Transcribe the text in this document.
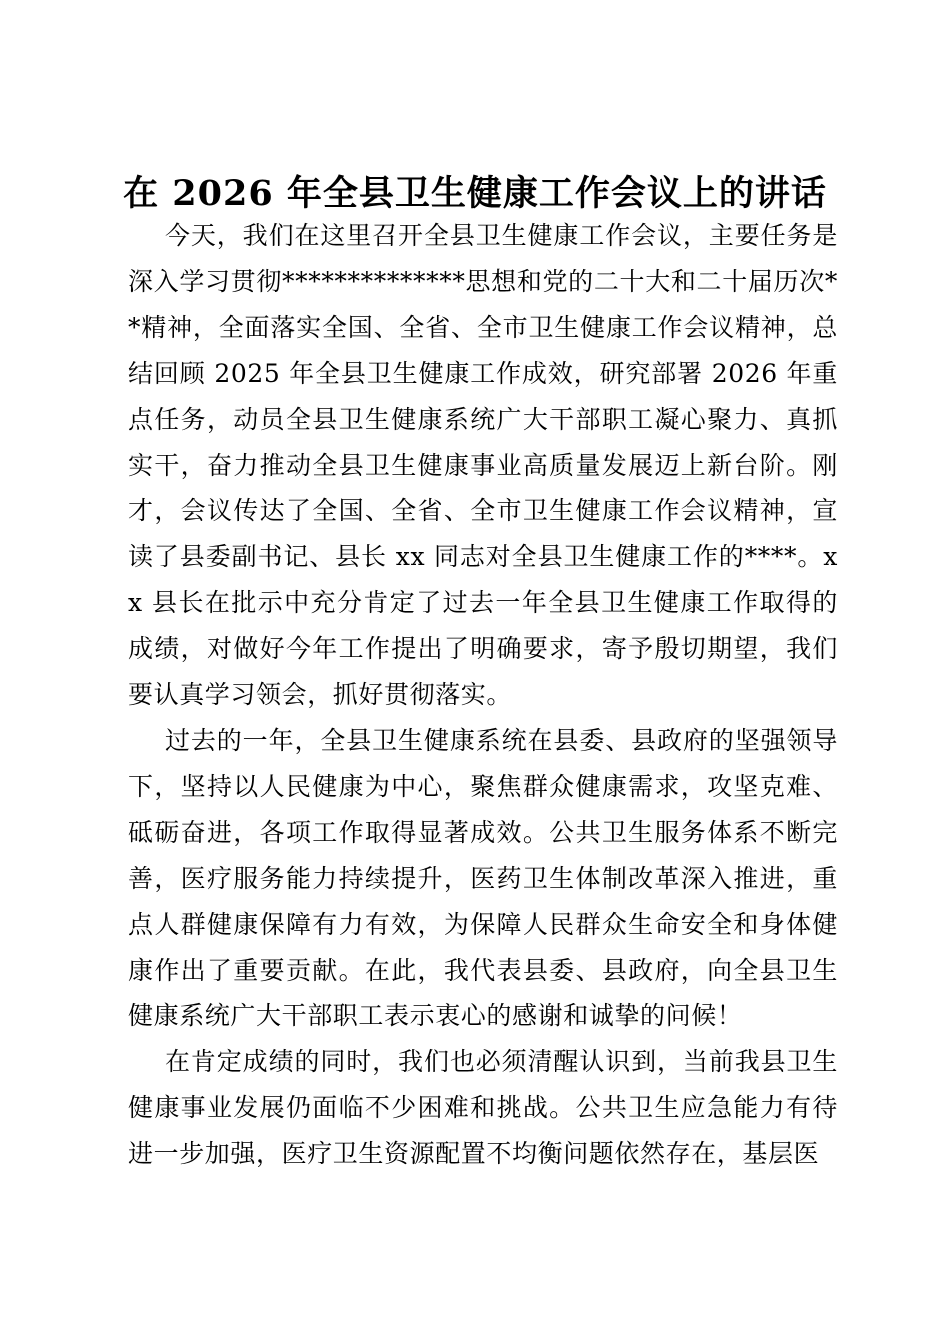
在 2026 年全县卫生健康工作会议上的讲话

今天，我们在这里召开全县卫生健康工作会议，主要任务是深入学习贯彻**************思想和党的二十大和二十届历次**精神，全面落实全国、全省、全市卫生健康工作会议精神，总结回顾 2025 年全县卫生健康工作成效，研究部署 2026 年重点任务，动员全县卫生健康系统广大干部职工凝心聚力、真抓实干，奋力推动全县卫生健康事业高质量发展迈上新台阶。刚才，会议传达了全国、全省、全市卫生健康工作会议精神，宣读了县委副书记、县长 xx 同志对全县卫生健康工作的****。xx 县长在批示中充分肯定了过去一年全县卫生健康工作取得的成绩，对做好今年工作提出了明确要求，寄予殷切期望，我们要认真学习领会，抓好贯彻落实。

过去的一年，全县卫生健康系统在县委、县政府的坚强领导下，坚持以人民健康为中心，聚焦群众健康需求，攻坚克难、砥砺奋进，各项工作取得显著成效。公共卫生服务体系不断完善，医疗服务能力持续提升，医药卫生体制改革深入推进，重点人群健康保障有力有效，为保障人民群众生命安全和身体健康作出了重要贡献。在此，我代表县委、县政府，向全县卫生健康系统广大干部职工表示衷心的感谢和诚挚的问候！

在肯定成绩的同时，我们也必须清醒认识到，当前我县卫生健康事业发展仍面临不少困难和挑战。公共卫生应急能力有待进一步加强，医疗卫生资源配置不均衡问题依然存在，基层医
